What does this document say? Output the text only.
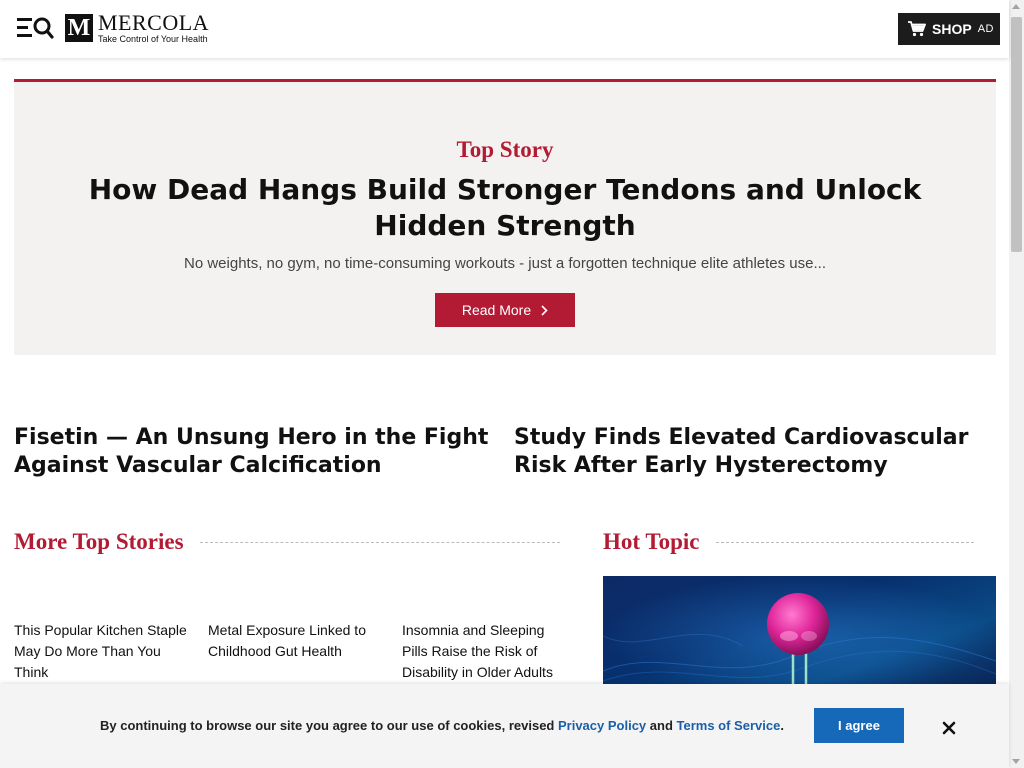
M MERCOLA
Take Control of Your Health
SHOP AD
Top Story
How Dead Hangs Build Stronger Tendons and Unlock Hidden Strength
No weights, no gym, no time-consuming workouts - just a forgotten technique elite athletes use...
Read More
Fisetin — An Unsung Hero in the Fight Against Vascular Calcification
Study Finds Elevated Cardiovascular Risk After Early Hysterectomy
More Top Stories	Hot Topic
This Popular Kitchen Staple May Do More Than You Think
Metal Exposure Linked to Childhood Gut Health
Insomnia and Sleeping Pills Raise the Risk of Disability in Older Adults
By continuing to browse our site you agree to our use of cookies, revised Privacy Policy and Terms of Service.	I agree
